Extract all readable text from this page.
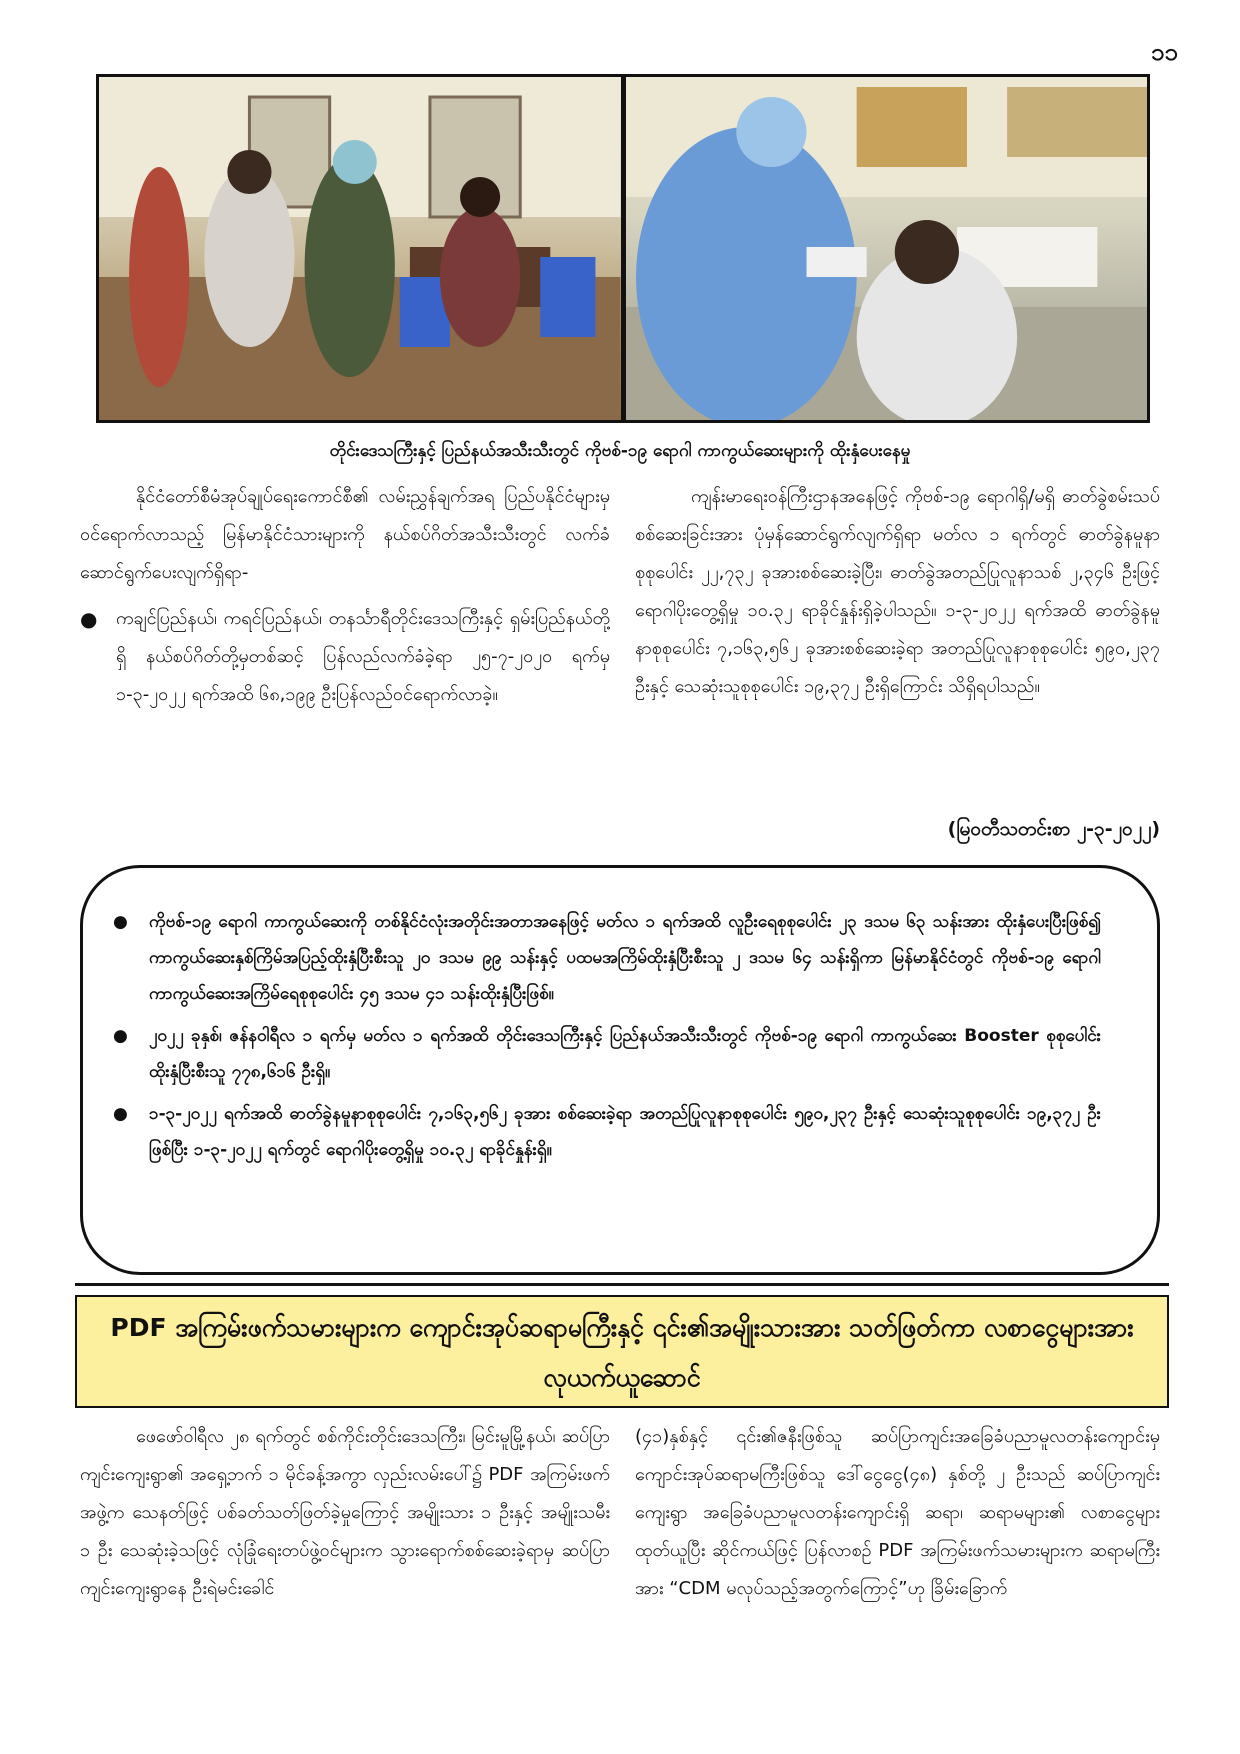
၁၁
တိုင်းဒေသကြီးနှင့် ပြည်နယ်အသီးသီးတွင် ကိုဗစ်-၁၉ ရောဂါ ကာကွယ်ဆေးများကို ထိုးနှံပေးနေမှု

နိုင်ငံတော်စီမံအုပ်ချုပ်ရေးကောင်စီ၏ လမ်းညွှန်ချက်အရ ပြည်ပနိုင်ငံများမှ ဝင်ရောက်လာသည့် မြန်မာနိုင်ငံသားများကို နယ်စပ်ဂိတ်အသီးသီးတွင် လက်ခံဆောင်ရွက်ပေးလျက်ရှိရာ-

●	ကချင်ပြည်နယ်၊ ကရင်ပြည်နယ်၊ တနင်္သာရီတိုင်းဒေသကြီးနှင့် ရှမ်းပြည်နယ်တို့ရှိ နယ်စပ်ဂိတ်တို့မှတစ်ဆင့် ပြန်လည်လက်ခံခဲ့ရာ ၂၅-၇-၂၀၂၀ ရက်မှ ၁-၃-၂၀၂၂ ရက်အထိ ၆၈,၁၉၉ ဦးပြန်လည်ဝင်ရောက်လာခဲ့။

ကျန်းမာရေးဝန်ကြီးဌာနအနေဖြင့် ကိုဗစ်-၁၉ ရောဂါရှိ/မရှိ ဓာတ်ခွဲစမ်းသပ်စစ်ဆေးခြင်းအား ပုံမှန်ဆောင်ရွက်လျက်ရှိရာ မတ်လ ၁ ရက်တွင် ဓာတ်ခွဲနမူနာစုစုပေါင်း ၂၂,၇၃၂ ခုအားစစ်ဆေးခဲ့ပြီး၊ ဓာတ်ခွဲအတည်ပြုလူနာသစ် ၂,၃၄၆ ဦးဖြင့် ရောဂါပိုးတွေ့ရှိမှု ၁၀.၃၂ ရာခိုင်နှုန်းရှိခဲ့ပါသည်။ ၁-၃-၂၀၂၂ ရက်အထိ ဓာတ်ခွဲနမူနာစုစုပေါင်း ၇,၁၆၃,၅၆၂ ခုအားစစ်ဆေးခဲ့ရာ အတည်ပြုလူနာစုစုပေါင်း ၅၉၀,၂၃၇ ဦးနှင့် သေဆုံးသူစုစုပေါင်း ၁၉,၃၇၂ ဦးရှိကြောင်း သိရှိရပါသည်။

(မြဝတီသတင်းစာ ၂-၃-၂၀၂၂)
●	ကိုဗစ်-၁၉ ရောဂါ ကာကွယ်ဆေးကို တစ်နိုင်ငံလုံးအတိုင်းအတာအနေဖြင့် မတ်လ ၁ ရက်အထိ လူဦးရေစုစုပေါင်း ၂၃ ဒသမ ၆၃ သန်းအား ထိုးနှံပေးပြီးဖြစ်၍ ကာကွယ်ဆေးနှစ်ကြိမ်အပြည့်ထိုးနှံပြီးစီးသူ ၂၀ ဒသမ ၉၉ သန်းနှင့် ပထမအကြိမ်ထိုးနှံပြီးစီးသူ ၂ ဒသမ ၆၄ သန်းရှိကာ မြန်မာနိုင်ငံတွင် ကိုဗစ်-၁၉ ရောဂါ ကာကွယ်ဆေးအကြိမ်ရေစုစုပေါင်း ၄၅ ဒသမ ၄၁ သန်းထိုးနှံပြီးဖြစ်။
●	၂၀၂၂ ခုနှစ်၊ ဇန်နဝါရီလ ၁ ရက်မှ မတ်လ ၁ ရက်အထိ တိုင်းဒေသကြီးနှင့် ပြည်နယ်အသီးသီးတွင် ကိုဗစ်-၁၉ ရောဂါ ကာကွယ်ဆေး Booster စုစုပေါင်း ထိုးနှံပြီးစီးသူ ၇၇၈,၆၁၆ ဦးရှိ။
●	၁-၃-၂၀၂၂ ရက်အထိ ဓာတ်ခွဲနမူနာစုစုပေါင်း ၇,၁၆၃,၅၆၂ ခုအား စစ်ဆေးခဲ့ရာ အတည်ပြုလူနာစုစုပေါင်း ၅၉၀,၂၃၇ ဦးနှင့် သေဆုံးသူစုစုပေါင်း ၁၉,၃၇၂ ဦး ဖြစ်ပြီး ၁-၃-၂၀၂၂ ရက်တွင် ရောဂါပိုးတွေ့ရှိမှု ၁၀.၃၂ ရာခိုင်နှုန်းရှိ။
PDF အကြမ်းဖက်သမားများက ကျောင်းအုပ်ဆရာမကြီးနှင့် ၎င်း၏အမျိုးသားအား သတ်ဖြတ်ကာ လစာငွေများအား လုယက်ယူဆောင်

ဖေဖော်ဝါရီလ ၂၈ ရက်တွင် စစ်ကိုင်းတိုင်းဒေသကြီး၊ မြင်းမူမြို့နယ်၊ ဆပ်ပြာကျင်းကျေးရွာ၏ အရှေ့ဘက် ၁ မိုင်ခန့်အကွာ လှည်းလမ်းပေါ်၌ PDF အကြမ်းဖက်အဖွဲ့က သေနတ်ဖြင့် ပစ်ခတ်သတ်ဖြတ်ခဲ့မှုကြောင့် အမျိုးသား ၁ ဦးနှင့် အမျိုးသမီး ၁ ဦး သေဆုံးခဲ့သဖြင့် လုံခြုံရေးတပ်ဖွဲ့ဝင်များက သွားရောက်စစ်ဆေးခဲ့ရာမှ ဆပ်ပြာကျင်းကျေးရွာနေ ဦးရဲမင်းခေါင်

(၄၁)နှစ်နှင့် ၎င်း၏ဇနီးဖြစ်သူ ဆပ်ပြာကျင်းအခြေခံပညာမူလတန်းကျောင်းမှ ကျောင်းအုပ်ဆရာမကြီးဖြစ်သူ ဒေါ်ငွေငွေ(၄၈) နှစ်တို့ ၂ ဦးသည် ဆပ်ပြာကျင်းကျေးရွာ အခြေခံပညာမူလတန်းကျောင်းရှိ ဆရာ၊ ဆရာမများ၏ လစာငွေများထုတ်ယူပြီး ဆိုင်ကယ်ဖြင့် ပြန်လာစဉ် PDF အကြမ်းဖက်သမားများက ဆရာမကြီးအား “CDM မလုပ်သည့်အတွက်ကြောင့်”ဟု ခြိမ်းခြောက်
